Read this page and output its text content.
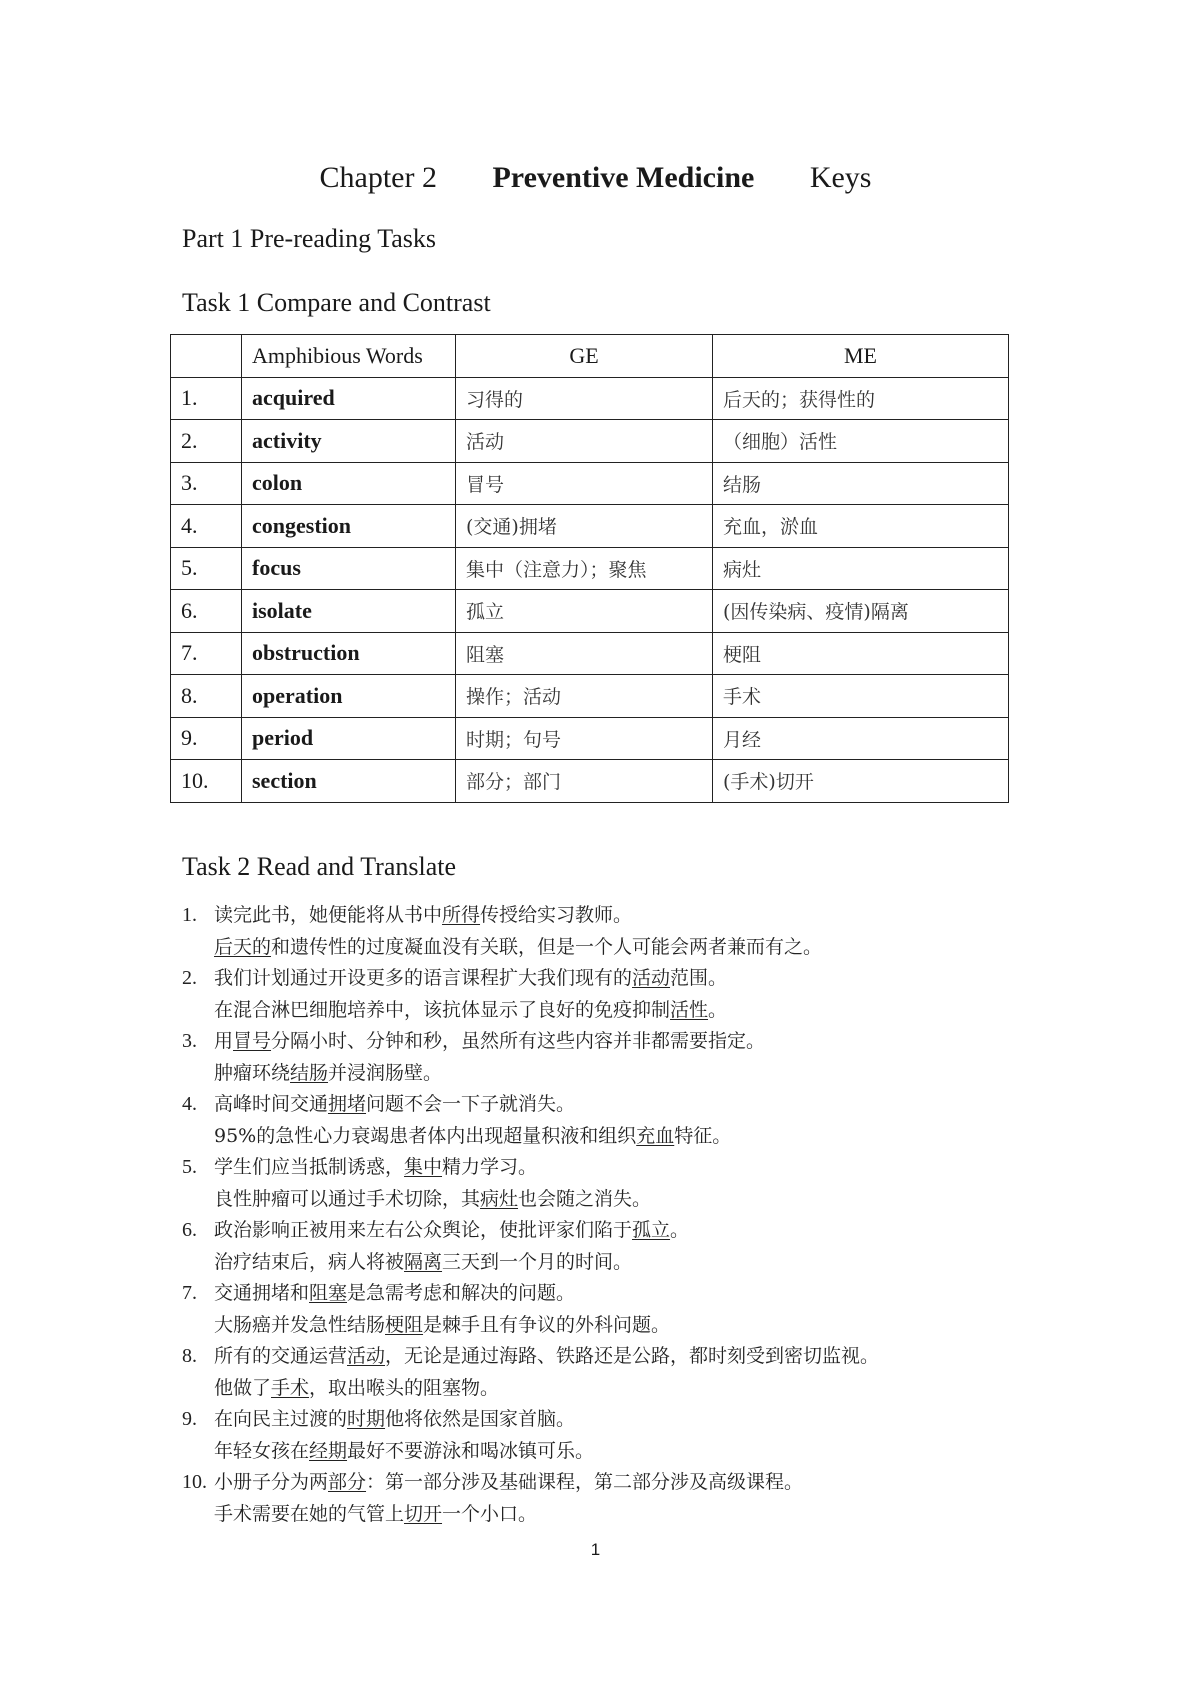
Chapter 2 Preventive Medicine Keys
Part 1 Pre-reading Tasks
Task 1 Compare and Contrast
	Amphibious Words	GE	ME
1.	acquired	习得的	后天的；获得性的
2.	activity	活动	（细胞）活性
3.	colon	冒号	结肠
4.	congestion	(交通)拥堵	充血，淤血
5.	focus	集中（注意力）；聚焦	病灶
6.	isolate	孤立	(因传染病、疫情)隔离
7.	obstruction	阻塞	梗阻
8.	operation	操作；活动	手术
9.	period	时期；句号	月经
10.	section	部分；部门	(手术)切开
Task 2 Read and Translate
1. 读完此书，她便能将从书中所得传授给实习教师。
后天的和遗传性的过度凝血没有关联，但是一个人可能会两者兼而有之。
2. 我们计划通过开设更多的语言课程扩大我们现有的活动范围。
在混合淋巴细胞培养中，该抗体显示了良好的免疫抑制活性。
3. 用冒号分隔小时、分钟和秒，虽然所有这些内容并非都需要指定。
肿瘤环绕结肠并浸润肠壁。
4. 高峰时间交通拥堵问题不会一下子就消失。
95%的急性心力衰竭患者体内出现超量积液和组织充血特征。
5. 学生们应当抵制诱惑，集中精力学习。
良性肿瘤可以通过手术切除，其病灶也会随之消失。
6. 政治影响正被用来左右公众舆论，使批评家们陷于孤立。
治疗结束后，病人将被隔离三天到一个月的时间。
7. 交通拥堵和阻塞是急需考虑和解决的问题。
大肠癌并发急性结肠梗阻是棘手且有争议的外科问题。
8. 所有的交通运营活动，无论是通过海路、铁路还是公路，都时刻受到密切监视。
他做了手术，取出喉头的阻塞物。
9. 在向民主过渡的时期他将依然是国家首脑。
年轻女孩在经期最好不要游泳和喝冰镇可乐。
10. 小册子分为两部分：第一部分涉及基础课程，第二部分涉及高级课程。
手术需要在她的气管上切开一个小口。
1
